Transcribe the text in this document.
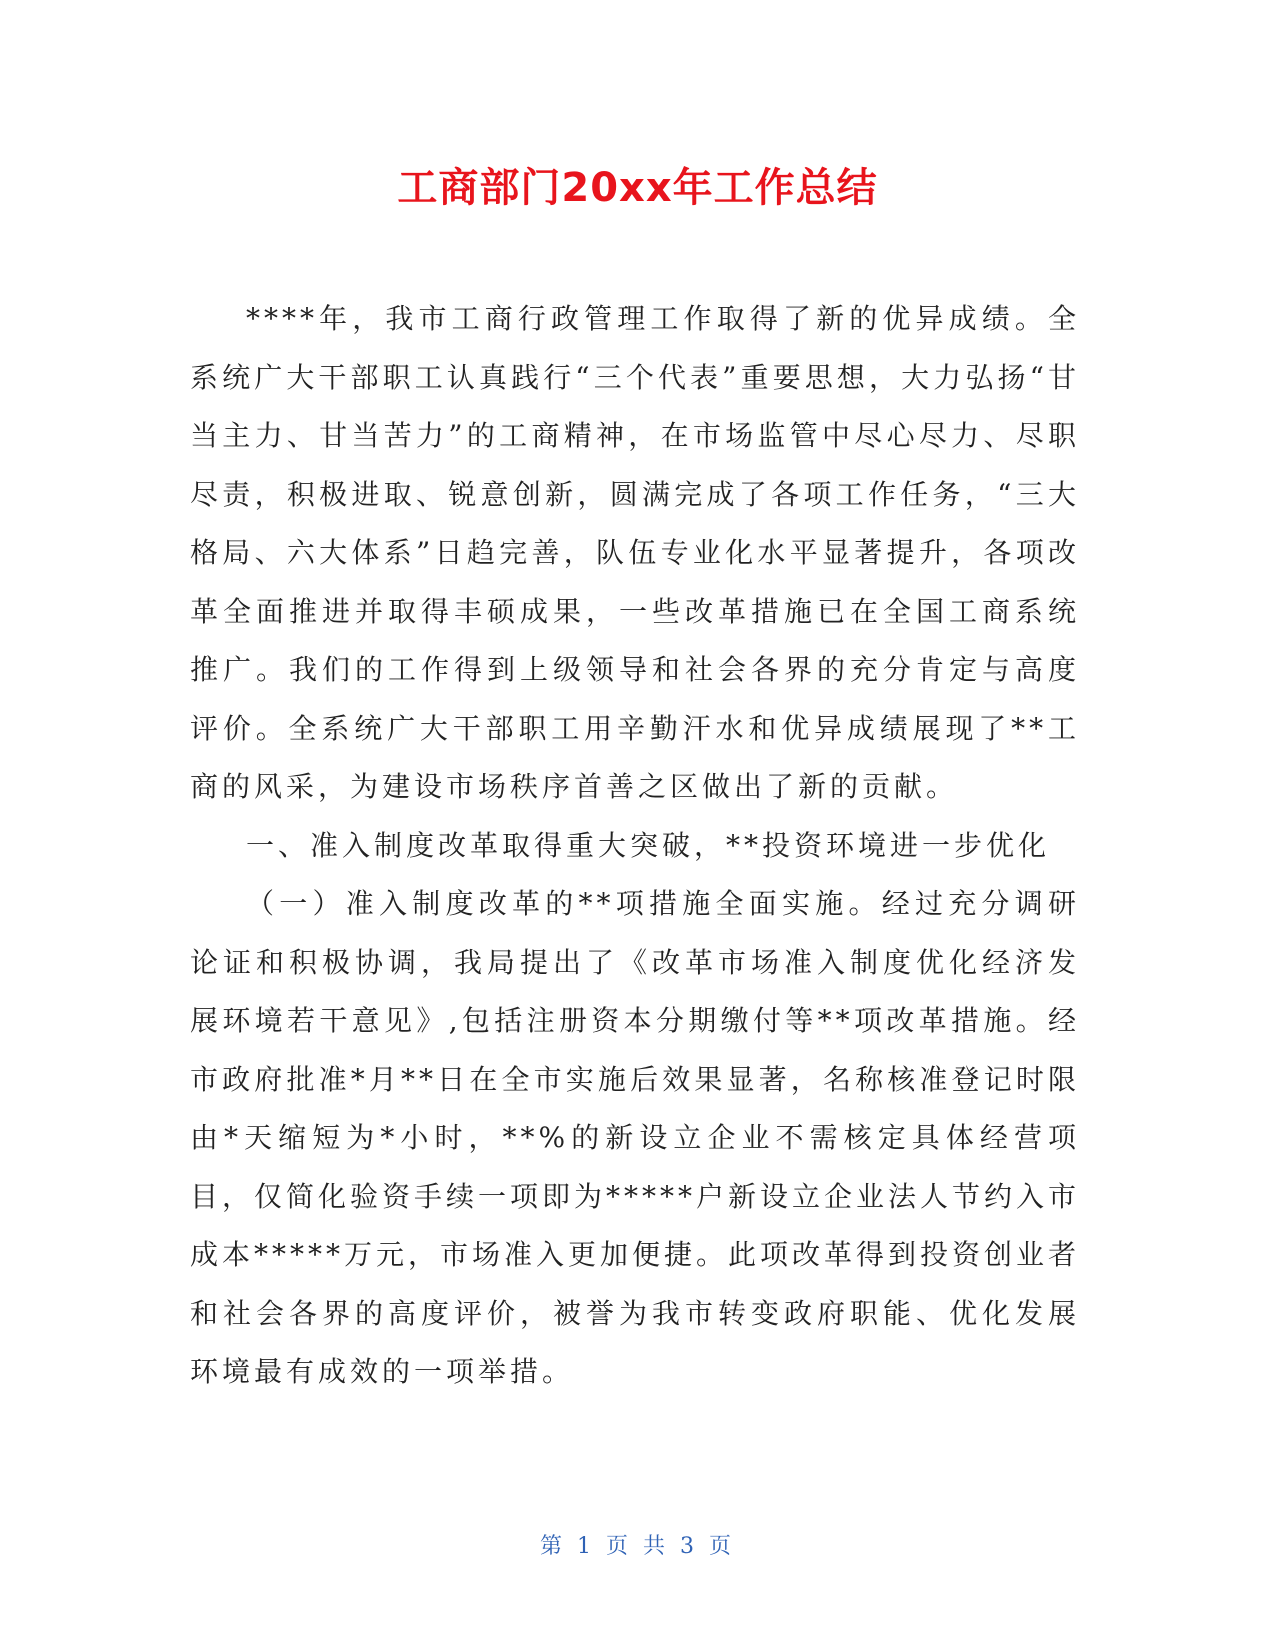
工商部门20xx年工作总结

****年，我市工商行政管理工作取得了新的优异成绩。全系统广大干部职工认真践行“三个代表”重要思想，大力弘扬“甘当主力、甘当苦力”的工商精神，在市场监管中尽心尽力、尽职尽责，积极进取、锐意创新，圆满完成了各项工作任务，“三大格局、六大体系”日趋完善，队伍专业化水平显著提升，各项改革全面推进并取得丰硕成果，一些改革措施已在全国工商系统推广。我们的工作得到上级领导和社会各界的充分肯定与高度评价。全系统广大干部职工用辛勤汗水和优异成绩展现了**工商的风采，为建设市场秩序首善之区做出了新的贡献。

一、准入制度改革取得重大突破，**投资环境进一步优化

（一）准入制度改革的**项措施全面实施。经过充分调研论证和积极协调，我局提出了《改革市场准入制度优化经济发展环境若干意见》,包括注册资本分期缴付等**项改革措施。经市政府批准*月**日在全市实施后效果显著，名称核准登记时限由*天缩短为*小时，**%的新设立企业不需核定具体经营项目，仅简化验资手续一项即为*****户新设立企业法人节约入市成本*****万元，市场准入更加便捷。此项改革得到投资创业者和社会各界的高度评价，被誉为我市转变政府职能、优化发展环境最有成效的一项举措。

第 1 页 共 3 页
